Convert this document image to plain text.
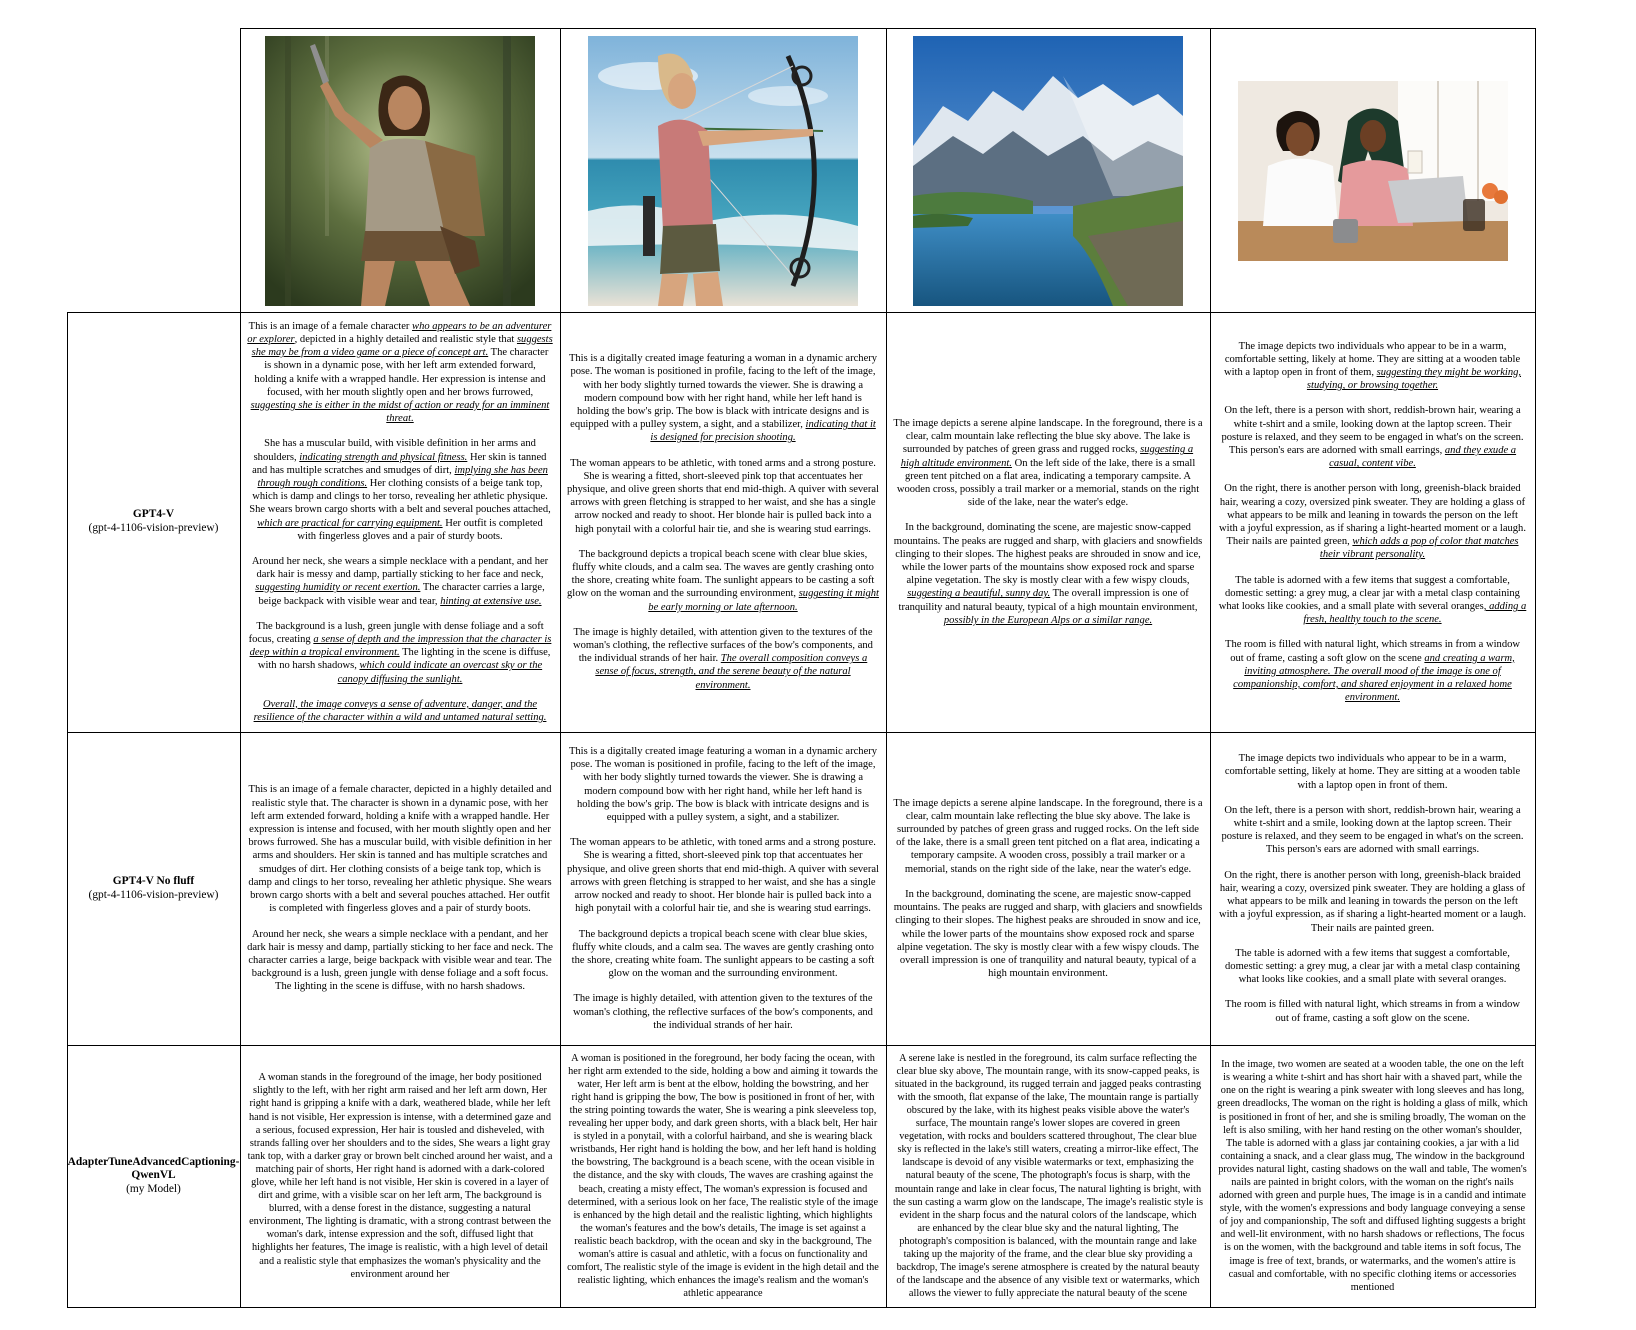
GPT4-V
(gpt-4-1106-vision-preview)

This is an image of a female character who appears to be an adventurer or explorer, depicted in a highly detailed and realistic style that suggests she may be from a video game or a piece of concept art. The character is shown in a dynamic pose, with her left arm extended forward, holding a knife with a wrapped handle. Her expression is intense and focused, with her mouth slightly open and her brows furrowed, suggesting she is either in the midst of action or ready for an imminent threat.

She has a muscular build, with visible definition in her arms and shoulders, indicating strength and physical fitness. Her skin is tanned and has multiple scratches and smudges of dirt, implying she has been through rough conditions. Her clothing consists of a beige tank top, which is damp and clings to her torso, revealing her athletic physique. She wears brown cargo shorts with a belt and several pouches attached, which are practical for carrying equipment. Her outfit is completed with fingerless gloves and a pair of sturdy boots.

Around her neck, she wears a simple necklace with a pendant, and her dark hair is messy and damp, partially sticking to her face and neck, suggesting humidity or recent exertion. The character carries a large, beige backpack with visible wear and tear, hinting at extensive use.

The background is a lush, green jungle with dense foliage and a soft focus, creating a sense of depth and the impression that the character is deep within a tropical environment. The lighting in the scene is diffuse, with no harsh shadows, which could indicate an overcast sky or the canopy diffusing the sunlight.

Overall, the image conveys a sense of adventure, danger, and the resilience of the character within a wild and untamed natural setting.

This is a digitally created image featuring a woman in a dynamic archery pose. The woman is positioned in profile, facing to the left of the image, with her body slightly turned towards the viewer. She is drawing a modern compound bow with her right hand, while her left hand is holding the bow's grip. The bow is black with intricate designs and is equipped with a pulley system, a sight, and a stabilizer, indicating that it is designed for precision shooting.

The woman appears to be athletic, with toned arms and a strong posture. She is wearing a fitted, short-sleeved pink top that accentuates her physique, and olive green shorts that end mid-thigh. A quiver with several arrows with green fletching is strapped to her waist, and she has a single arrow nocked and ready to shoot. Her blonde hair is pulled back into a high ponytail with a colorful hair tie, and she is wearing stud earrings.

The background depicts a tropical beach scene with clear blue skies, fluffy white clouds, and a calm sea. The waves are gently crashing onto the shore, creating white foam. The sunlight appears to be casting a soft glow on the woman and the surrounding environment, suggesting it might be early morning or late afternoon.

The image is highly detailed, with attention given to the textures of the woman's clothing, the reflective surfaces of the bow's components, and the individual strands of her hair. The overall composition conveys a sense of focus, strength, and the serene beauty of the natural environment.

The image depicts a serene alpine landscape. In the foreground, there is a clear, calm mountain lake reflecting the blue sky above. The lake is surrounded by patches of green grass and rugged rocks, suggesting a high altitude environment. On the left side of the lake, there is a small green tent pitched on a flat area, indicating a temporary campsite. A wooden cross, possibly a trail marker or a memorial, stands on the right side of the lake, near the water's edge.

In the background, dominating the scene, are majestic snow-capped mountains. The peaks are rugged and sharp, with glaciers and snowfields clinging to their slopes. The highest peaks are shrouded in snow and ice, while the lower parts of the mountains show exposed rock and sparse alpine vegetation. The sky is mostly clear with a few wispy clouds, suggesting a beautiful, sunny day. The overall impression is one of tranquility and natural beauty, typical of a high mountain environment, possibly in the European Alps or a similar range.

The image depicts two individuals who appear to be in a warm, comfortable setting, likely at home. They are sitting at a wooden table with a laptop open in front of them, suggesting they might be working, studying, or browsing together.

On the left, there is a person with short, reddish-brown hair, wearing a white t-shirt and a smile, looking down at the laptop screen. Their posture is relaxed, and they seem to be engaged in what's on the screen. This person's ears are adorned with small earrings, and they exude a casual, content vibe.

On the right, there is another person with long, greenish-black braided hair, wearing a cozy, oversized pink sweater. They are holding a glass of what appears to be milk and leaning in towards the person on the left with a joyful expression, as if sharing a light-hearted moment or a laugh. Their nails are painted green, which adds a pop of color that matches their vibrant personality.

The table is adorned with a few items that suggest a comfortable, domestic setting: a grey mug, a clear jar with a metal clasp containing what looks like cookies, and a small plate with several oranges, adding a fresh, healthy touch to the scene.

The room is filled with natural light, which streams in from a window out of frame, casting a soft glow on the scene and creating a warm, inviting atmosphere. The overall mood of the image is one of companionship, comfort, and shared enjoyment in a relaxed home environment.

GPT4-V No fluff
(gpt-4-1106-vision-preview)

This is an image of a female character, depicted in a highly detailed and realistic style that. The character is shown in a dynamic pose, with her left arm extended forward, holding a knife with a wrapped handle. Her expression is intense and focused, with her mouth slightly open and her brows furrowed. She has a muscular build, with visible definition in her arms and shoulders. Her skin is tanned and has multiple scratches and smudges of dirt. Her clothing consists of a beige tank top, which is damp and clings to her torso, revealing her athletic physique. She wears brown cargo shorts with a belt and several pouches attached. Her outfit is completed with fingerless gloves and a pair of sturdy boots.

Around her neck, she wears a simple necklace with a pendant, and her dark hair is messy and damp, partially sticking to her face and neck. The character carries a large, beige backpack with visible wear and tear. The background is a lush, green jungle with dense foliage and a soft focus. The lighting in the scene is diffuse, with no harsh shadows.

This is a digitally created image featuring a woman in a dynamic archery pose. The woman is positioned in profile, facing to the left of the image, with her body slightly turned towards the viewer. She is drawing a modern compound bow with her right hand, while her left hand is holding the bow's grip. The bow is black with intricate designs and is equipped with a pulley system, a sight, and a stabilizer.

The woman appears to be athletic, with toned arms and a strong posture. She is wearing a fitted, short-sleeved pink top that accentuates her physique, and olive green shorts that end mid-thigh. A quiver with several arrows with green fletching is strapped to her waist, and she has a single arrow nocked and ready to shoot. Her blonde hair is pulled back into a high ponytail with a colorful hair tie, and she is wearing stud earrings.

The background depicts a tropical beach scene with clear blue skies, fluffy white clouds, and a calm sea. The waves are gently crashing onto the shore, creating white foam. The sunlight appears to be casting a soft glow on the woman and the surrounding environment.

The image is highly detailed, with attention given to the textures of the woman's clothing, the reflective surfaces of the bow's components, and the individual strands of her hair.

The image depicts a serene alpine landscape. In the foreground, there is a clear, calm mountain lake reflecting the blue sky above. The lake is surrounded by patches of green grass and rugged rocks. On the left side of the lake, there is a small green tent pitched on a flat area, indicating a temporary campsite. A wooden cross, possibly a trail marker or a memorial, stands on the right side of the lake, near the water's edge.

In the background, dominating the scene, are majestic snow-capped mountains. The peaks are rugged and sharp, with glaciers and snowfields clinging to their slopes. The highest peaks are shrouded in snow and ice, while the lower parts of the mountains show exposed rock and sparse alpine vegetation. The sky is mostly clear with a few wispy clouds. The overall impression is one of tranquility and natural beauty, typical of a high mountain environment.

The image depicts two individuals who appear to be in a warm, comfortable setting, likely at home. They are sitting at a wooden table with a laptop open in front of them.

On the left, there is a person with short, reddish-brown hair, wearing a white t-shirt and a smile, looking down at the laptop screen. Their posture is relaxed, and they seem to be engaged in what's on the screen. This person's ears are adorned with small earrings.

On the right, there is another person with long, greenish-black braided hair, wearing a cozy, oversized pink sweater. They are holding a glass of what appears to be milk and leaning in towards the person on the left with a joyful expression, as if sharing a light-hearted moment or a laugh. Their nails are painted green.

The table is adorned with a few items that suggest a comfortable, domestic setting: a grey mug, a clear jar with a metal clasp containing what looks like cookies, and a small plate with several oranges.

The room is filled with natural light, which streams in from a window out of frame, casting a soft glow on the scene.

AdapterTuneAdvancedCaptioning-QwenVL
(my Model)

A woman stands in the foreground of the image, her body positioned slightly to the left, with her right arm raised and her left arm down, Her right hand is gripping a knife with a dark, weathered blade, while her left hand is not visible, Her expression is intense, with a determined gaze and a serious, focused expression, Her hair is tousled and disheveled, with strands falling over her shoulders and to the sides, She wears a light gray tank top, with a darker gray or brown belt cinched around her waist, and a matching pair of shorts, Her right hand is adorned with a dark-colored glove, while her left hand is not visible, Her skin is covered in a layer of dirt and grime, with a visible scar on her left arm, The background is blurred, with a dense forest in the distance, suggesting a natural environment, The lighting is dramatic, with a strong contrast between the woman's dark, intense expression and the soft, diffused light that highlights her features, The image is realistic, with a high level of detail and a realistic style that emphasizes the woman's physicality and the environment around her

A woman is positioned in the foreground, her body facing the ocean, with her right arm extended to the side, holding a bow and aiming it towards the water, Her left arm is bent at the elbow, holding the bowstring, and her right hand is gripping the bow, The bow is positioned in front of her, with the string pointing towards the water, She is wearing a pink sleeveless top, revealing her upper body, and dark green shorts, with a black belt, Her hair is styled in a ponytail, with a colorful hairband, and she is wearing black wristbands, Her right hand is holding the bow, and her left hand is holding the bowstring, The background is a beach scene, with the ocean visible in the distance, and the sky with clouds, The waves are crashing against the beach, creating a misty effect, The woman's expression is focused and determined, with a serious look on her face, The realistic style of the image is enhanced by the high detail and the realistic lighting, which highlights the woman's features and the bow's details, The image is set against a realistic beach backdrop, with the ocean and sky in the background, The woman's attire is casual and athletic, with a focus on functionality and comfort, The realistic style of the image is evident in the high detail and the realistic lighting, which enhances the image's realism and the woman's athletic appearance

A serene lake is nestled in the foreground, its calm surface reflecting the clear blue sky above, The mountain range, with its snow-capped peaks, is situated in the background, its rugged terrain and jagged peaks contrasting with the smooth, flat expanse of the lake, The mountain range is partially obscured by the lake, with its highest peaks visible above the water's surface, The mountain range's lower slopes are covered in green vegetation, with rocks and boulders scattered throughout, The clear blue sky is reflected in the lake's still waters, creating a mirror-like effect, The landscape is devoid of any visible watermarks or text, emphasizing the natural beauty of the scene, The photograph's focus is sharp, with the mountain range and lake in clear focus, The natural lighting is bright, with the sun casting a warm glow on the landscape, The image's realistic style is evident in the sharp focus and the natural colors of the landscape, which are enhanced by the clear blue sky and the natural lighting, The photograph's composition is balanced, with the mountain range and lake taking up the majority of the frame, and the clear blue sky providing a backdrop, The image's serene atmosphere is created by the natural beauty of the landscape and the absence of any visible text or watermarks, which allows the viewer to fully appreciate the natural beauty of the scene

In the image, two women are seated at a wooden table, the one on the left is wearing a white t-shirt and has short hair with a shaved part, while the one on the right is wearing a pink sweater with long sleeves and has long, green dreadlocks, The woman on the right is holding a glass of milk, which is positioned in front of her, and she is smiling broadly, The woman on the left is also smiling, with her hand resting on the other woman's shoulder, The table is adorned with a glass jar containing cookies, a jar with a lid containing a snack, and a clear glass mug, The window in the background provides natural light, casting shadows on the wall and table, The women's nails are painted in bright colors, with the woman on the right's nails adorned with green and purple hues, The image is in a candid and intimate style, with the women's expressions and body language conveying a sense of joy and companionship, The soft and diffused lighting suggests a bright and well-lit environment, with no harsh shadows or reflections, The focus is on the women, with the background and table items in soft focus, The image is free of text, brands, or watermarks, and the women's attire is casual and comfortable, with no specific clothing items or accessories mentioned
